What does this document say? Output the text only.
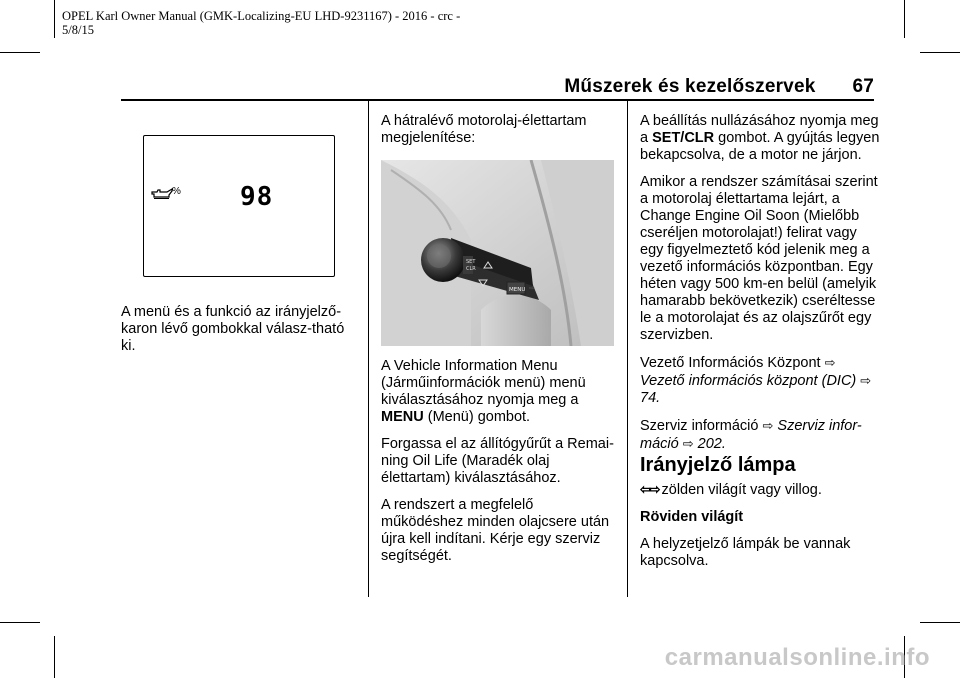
OPEL Karl Owner Manual (GMK-Localizing-EU LHD-9231167) - 2016 - crc -
5/8/15
Műszerek és kezelőszervek 67
% 98

A menü és a funkció az irányjelző-karon lévő gombokkal válasz-tható ki.

A hátralévő motorolaj-élettartam megjelenítése:

SET
CLR
MENU ⇨

A Vehicle Information Menu (Járműinformációk menü) menü kiválasztásához nyomja meg a MENU (Menü) gombot.

Forgassa el az állítógyűrűt a Remai-ning Oil Life (Maradék olaj élettartam) kiválasztásához.

A rendszert a megfelelő működéshez minden olajcsere után újra kell indítani. Kérje egy szerviz segítségét.

A beállítás nullázásához nyomja meg a SET/CLR gombot. A gyújtás legyen bekapcsolva, de a motor ne járjon.

Amikor a rendszer számításai szerint a motorolaj élettartama lejárt, a Change Engine Oil Soon (Mielőbb cseréljen motorolajat!) felirat vagy egy figyelmeztető kód jelenik meg a vezető információs központban. Egy héten vagy 500 km-en belül (amelyik hamarabb bekövetkezik) cseréltesse le a motorolajat és az olajszűrőt egy szervizben.

Vezető Információs Központ ⇨
Vezető információs központ (DIC) ⇨ 74.

Szerviz információ ⇨ Szerviz infor-máció ⇨ 202.

Irányjelző lámpa

⇦⇨ zölden világít vagy villog.

Röviden világít

A helyzetjelző lámpák be vannak kapcsolva.

carmanualsonline.info
